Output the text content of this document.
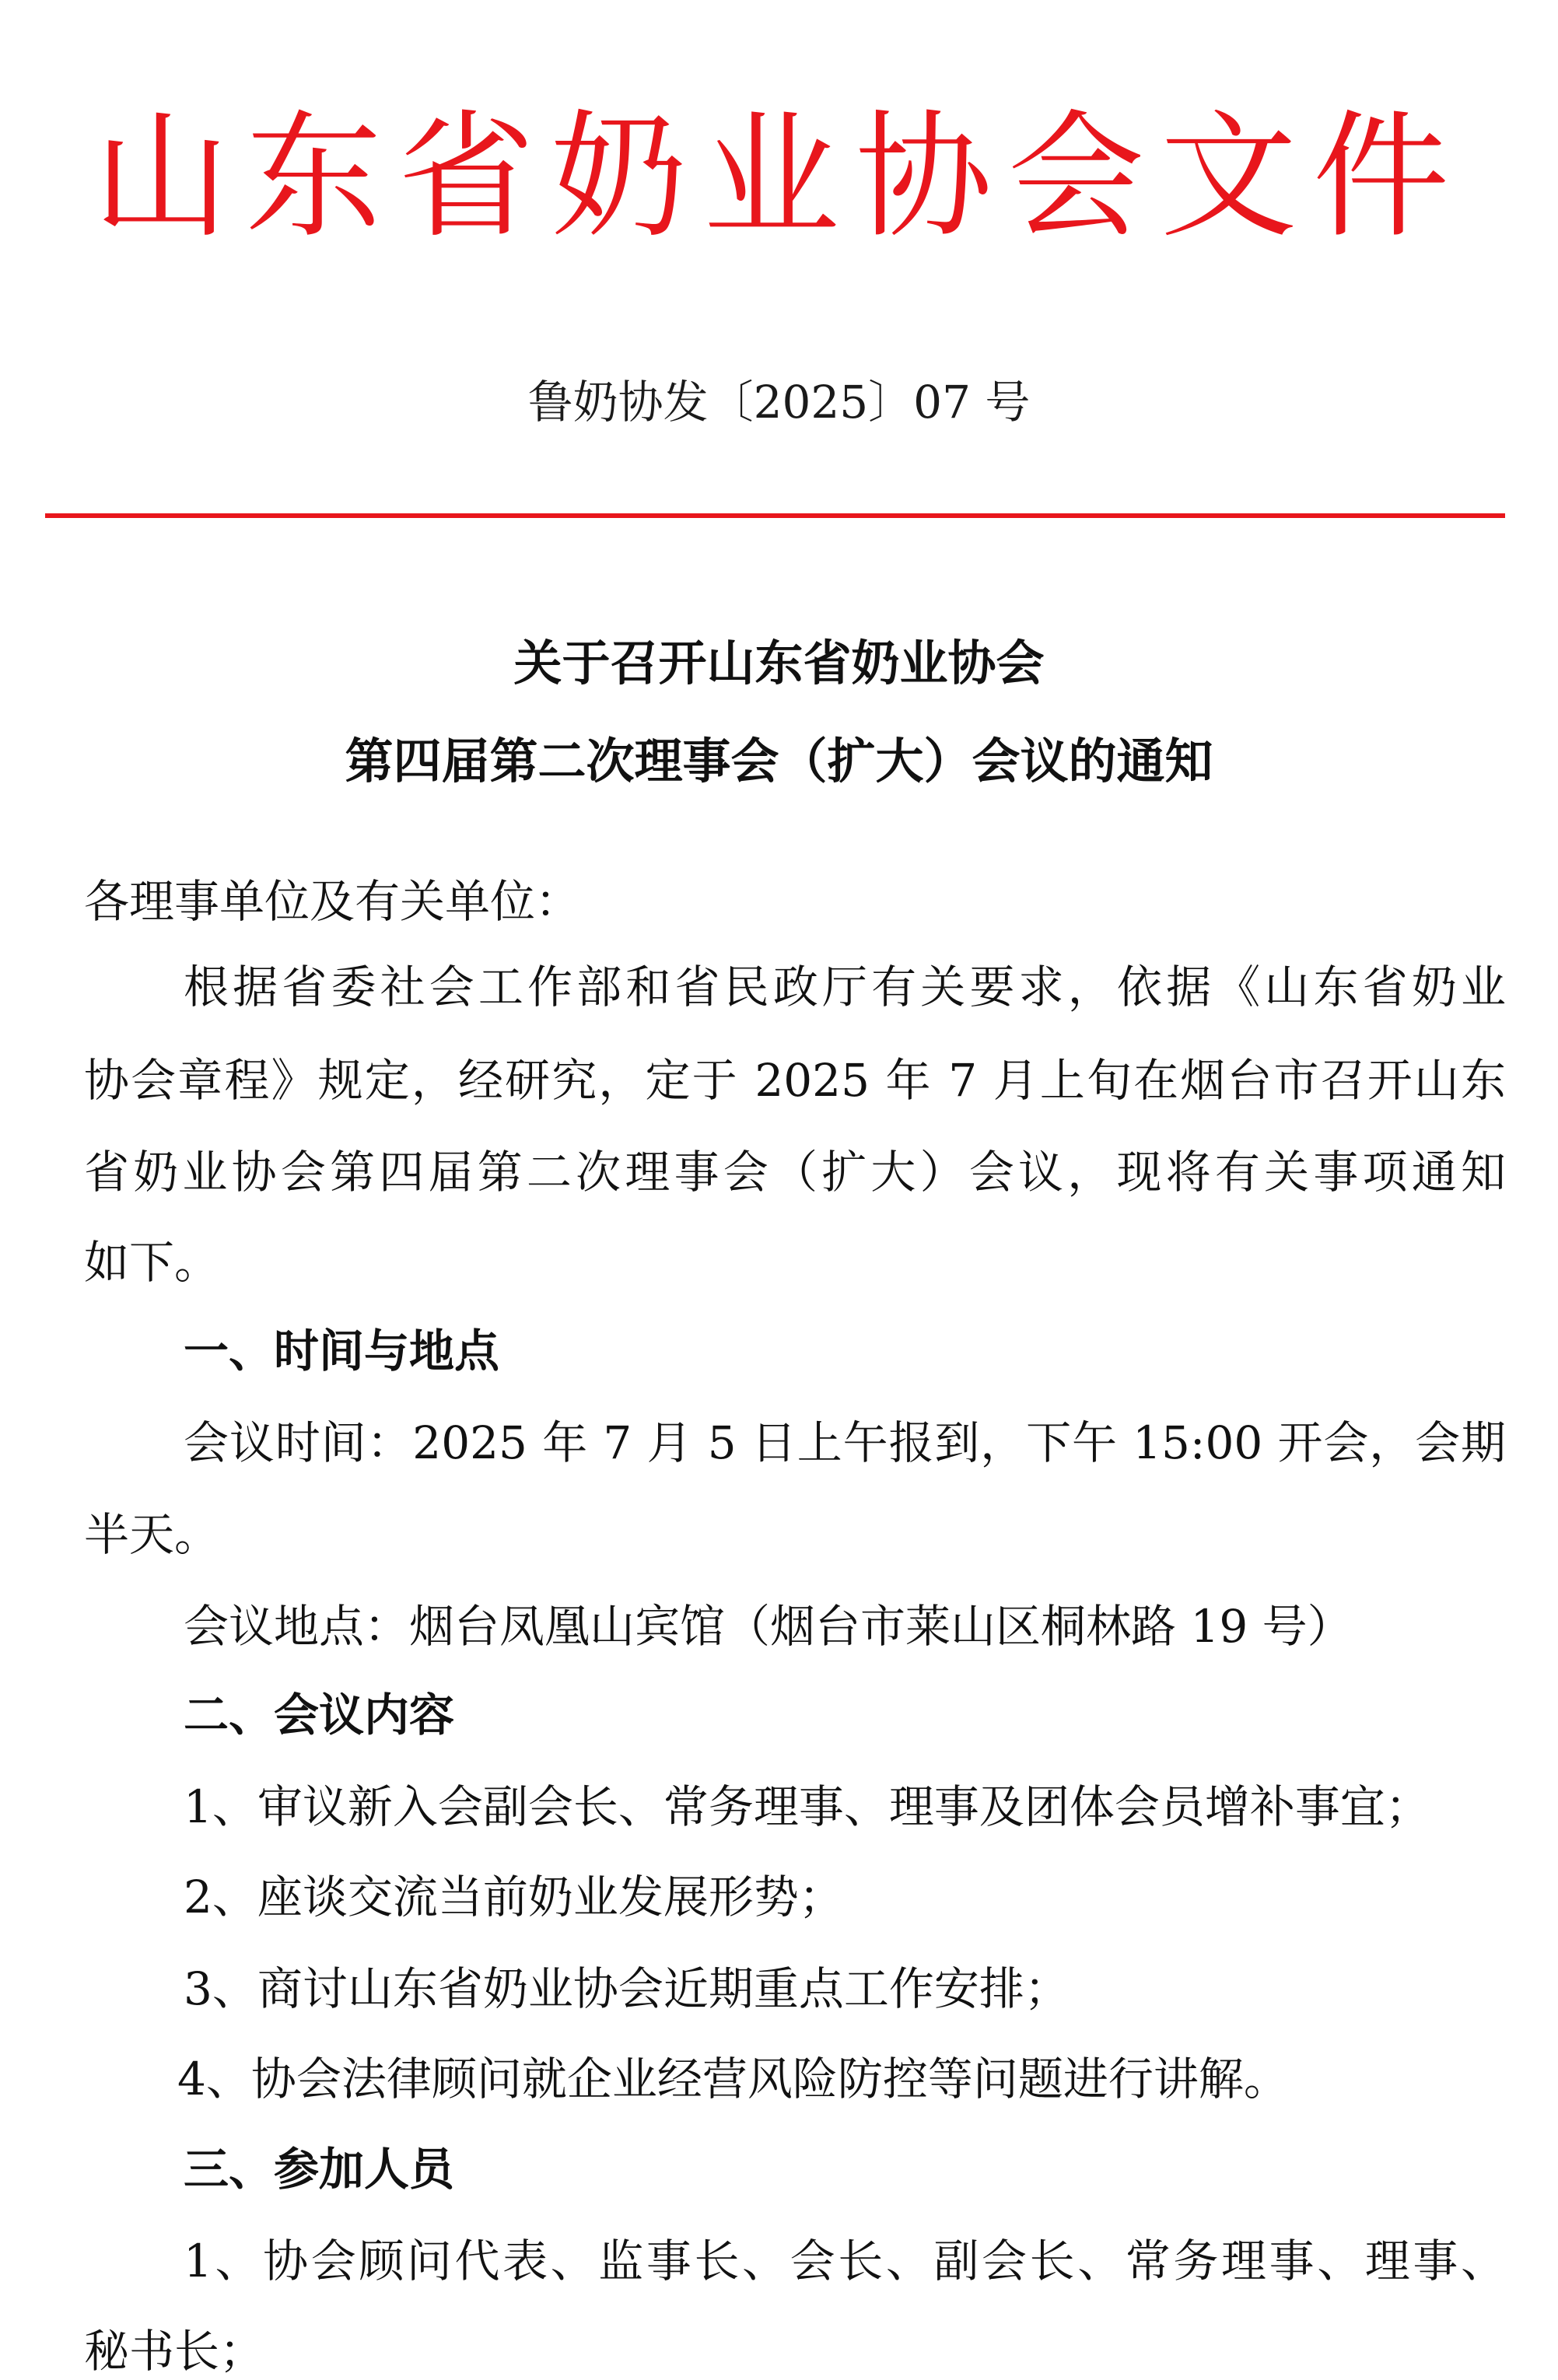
山东省奶业协会文件
鲁奶协发〔2025〕07 号
关于召开山东省奶业协会
第四届第二次理事会（扩大）会议的通知
各理事单位及有关单位：
根据省委社会工作部和省民政厅有关要求，依据《山东省奶业
协会章程》规定，经研究，定于 2025 年 7 月上旬在烟台市召开山东
省奶业协会第四届第二次理事会（扩大）会议，现将有关事项通知
如下。
一、时间与地点
会议时间：2025 年 7 月 5 日上午报到，下午 15:00 开会，会期
半天。
会议地点：烟台凤凰山宾馆（烟台市莱山区桐林路 19 号）
二、会议内容
1、审议新入会副会长、常务理事、理事及团体会员增补事宜；
2、座谈交流当前奶业发展形势；
3、商讨山东省奶业协会近期重点工作安排；
4、协会法律顾问就企业经营风险防控等问题进行讲解。
三、参加人员
1、协会顾问代表、监事长、会长、副会长、常务理事、理事、
秘书长；
